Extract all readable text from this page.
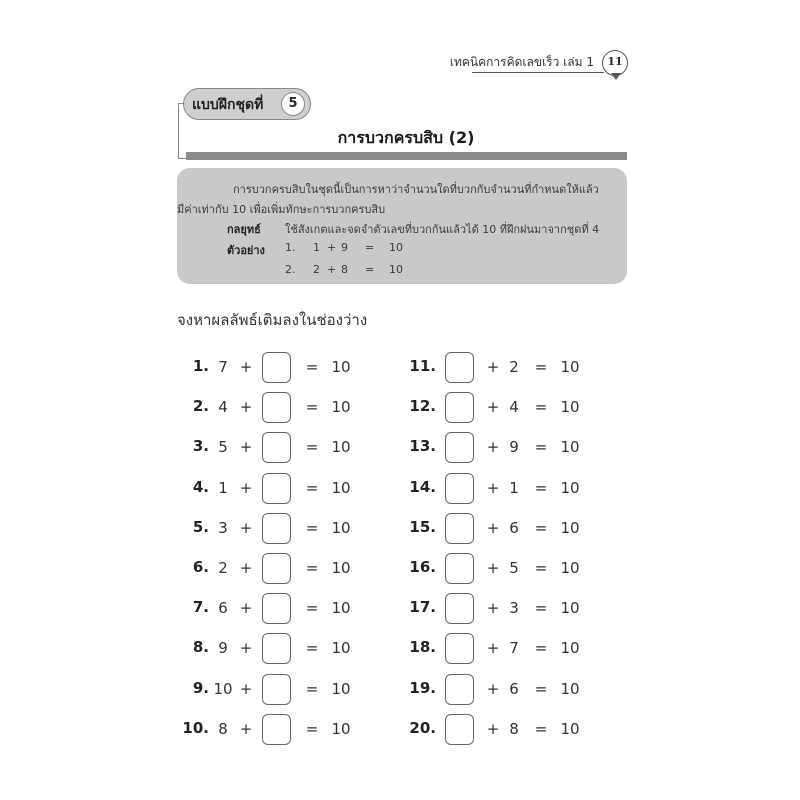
เทคนิคการคิดเลขเร็ว เล่ม 1	11
แบบฝึกชุดที่	5
การบวกครบสิบ (2)
การบวกครบสิบในชุดนี้เป็นการหาว่าจำนวนใดที่บวกกับจำนวนที่กำหนดให้แล้ว
มีค่าเท่ากับ 10 เพื่อเพิ่มทักษะการบวกครบสิบ
กลยุทธ์ ใช้สังเกตและจดจำตัวเลขที่บวกกันแล้วได้ 10 ที่ฝึกฝนมาจากชุดที่ 4
ตัวอย่าง 1. 1 + 9 = 10
2. 2 + 8 = 10
จงหาผลลัพธ์เติมลงในช่องว่าง
1. 7 +	= 10
2. 4 +	= 10
3. 5 +	= 10
4. 1 +	= 10
5. 3 +	= 10
6. 2 +	= 10
7. 6 +	= 10
8. 9 +	= 10
9. 10 +	= 10
10. 8 +	= 10
11.	+ 2 = 10
12.	+ 4 = 10
13.	+ 9 = 10
14.	+ 1 = 10
15.	+ 6 = 10
16.	+ 5 = 10
17.	+ 3 = 10
18.	+ 7 = 10
19.	+ 6 = 10
20.	+ 8 = 10
